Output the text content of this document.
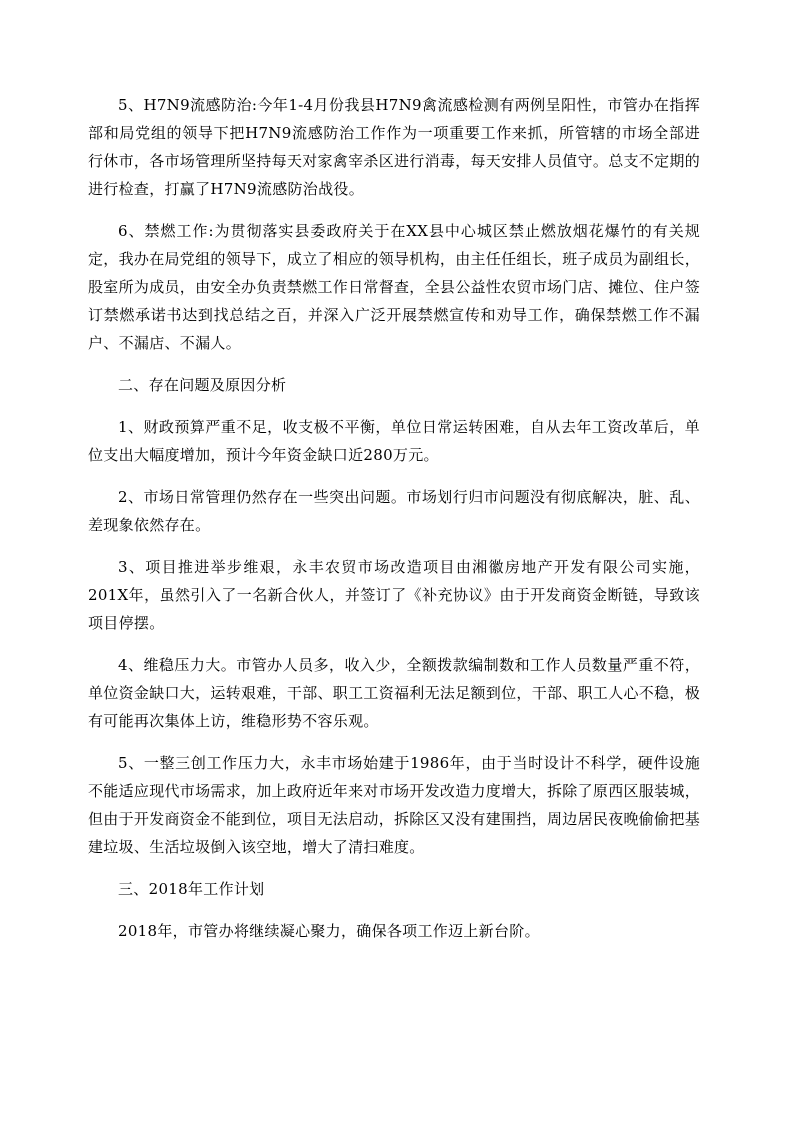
5、H7N9流感防治:今年1-4月份我县H7N9禽流感检测有两例呈阳性，市管办在指挥部和局党组的领导下把H7N9流感防治工作作为一项重要工作来抓，所管辖的市场全部进行休市，各市场管理所坚持每天对家禽宰杀区进行消毒，每天安排人员值守。总支不定期的进行检查，打赢了H7N9流感防治战役。

6、禁燃工作:为贯彻落实县委政府关于在XX县中心城区禁止燃放烟花爆竹的有关规定，我办在局党组的领导下，成立了相应的领导机构，由主任任组长，班子成员为副组长，股室所为成员，由安全办负责禁燃工作日常督查，全县公益性农贸市场门店、摊位、住户签订禁燃承诺书达到找总结之百，并深入广泛开展禁燃宣传和劝导工作，确保禁燃工作不漏户、不漏店、不漏人。

二、存在问题及原因分析

1、财政预算严重不足，收支极不平衡，单位日常运转困难，自从去年工资改革后，单位支出大幅度增加，预计今年资金缺口近280万元。

2、市场日常管理仍然存在一些突出问题。市场划行归市问题没有彻底解决，脏、乱、差现象依然存在。

3、项目推进举步维艰，永丰农贸市场改造项目由湘徽房地产开发有限公司实施，201X年，虽然引入了一名新合伙人，并签订了《补充协议》由于开发商资金断链，导致该项目停摆。

4、维稳压力大。市管办人员多，收入少，全额拨款编制数和工作人员数量严重不符，单位资金缺口大，运转艰难，干部、职工工资福利无法足额到位，干部、职工人心不稳，极有可能再次集体上访，维稳形势不容乐观。

5、一整三创工作压力大，永丰市场始建于1986年，由于当时设计不科学，硬件设施不能适应现代市场需求，加上政府近年来对市场开发改造力度增大，拆除了原西区服装城，但由于开发商资金不能到位，项目无法启动，拆除区又没有建围挡，周边居民夜晚偷偷把基建垃圾、生活垃圾倒入该空地，增大了清扫难度。

三、2018年工作计划

2018年，市管办将继续凝心聚力，确保各项工作迈上新台阶。
